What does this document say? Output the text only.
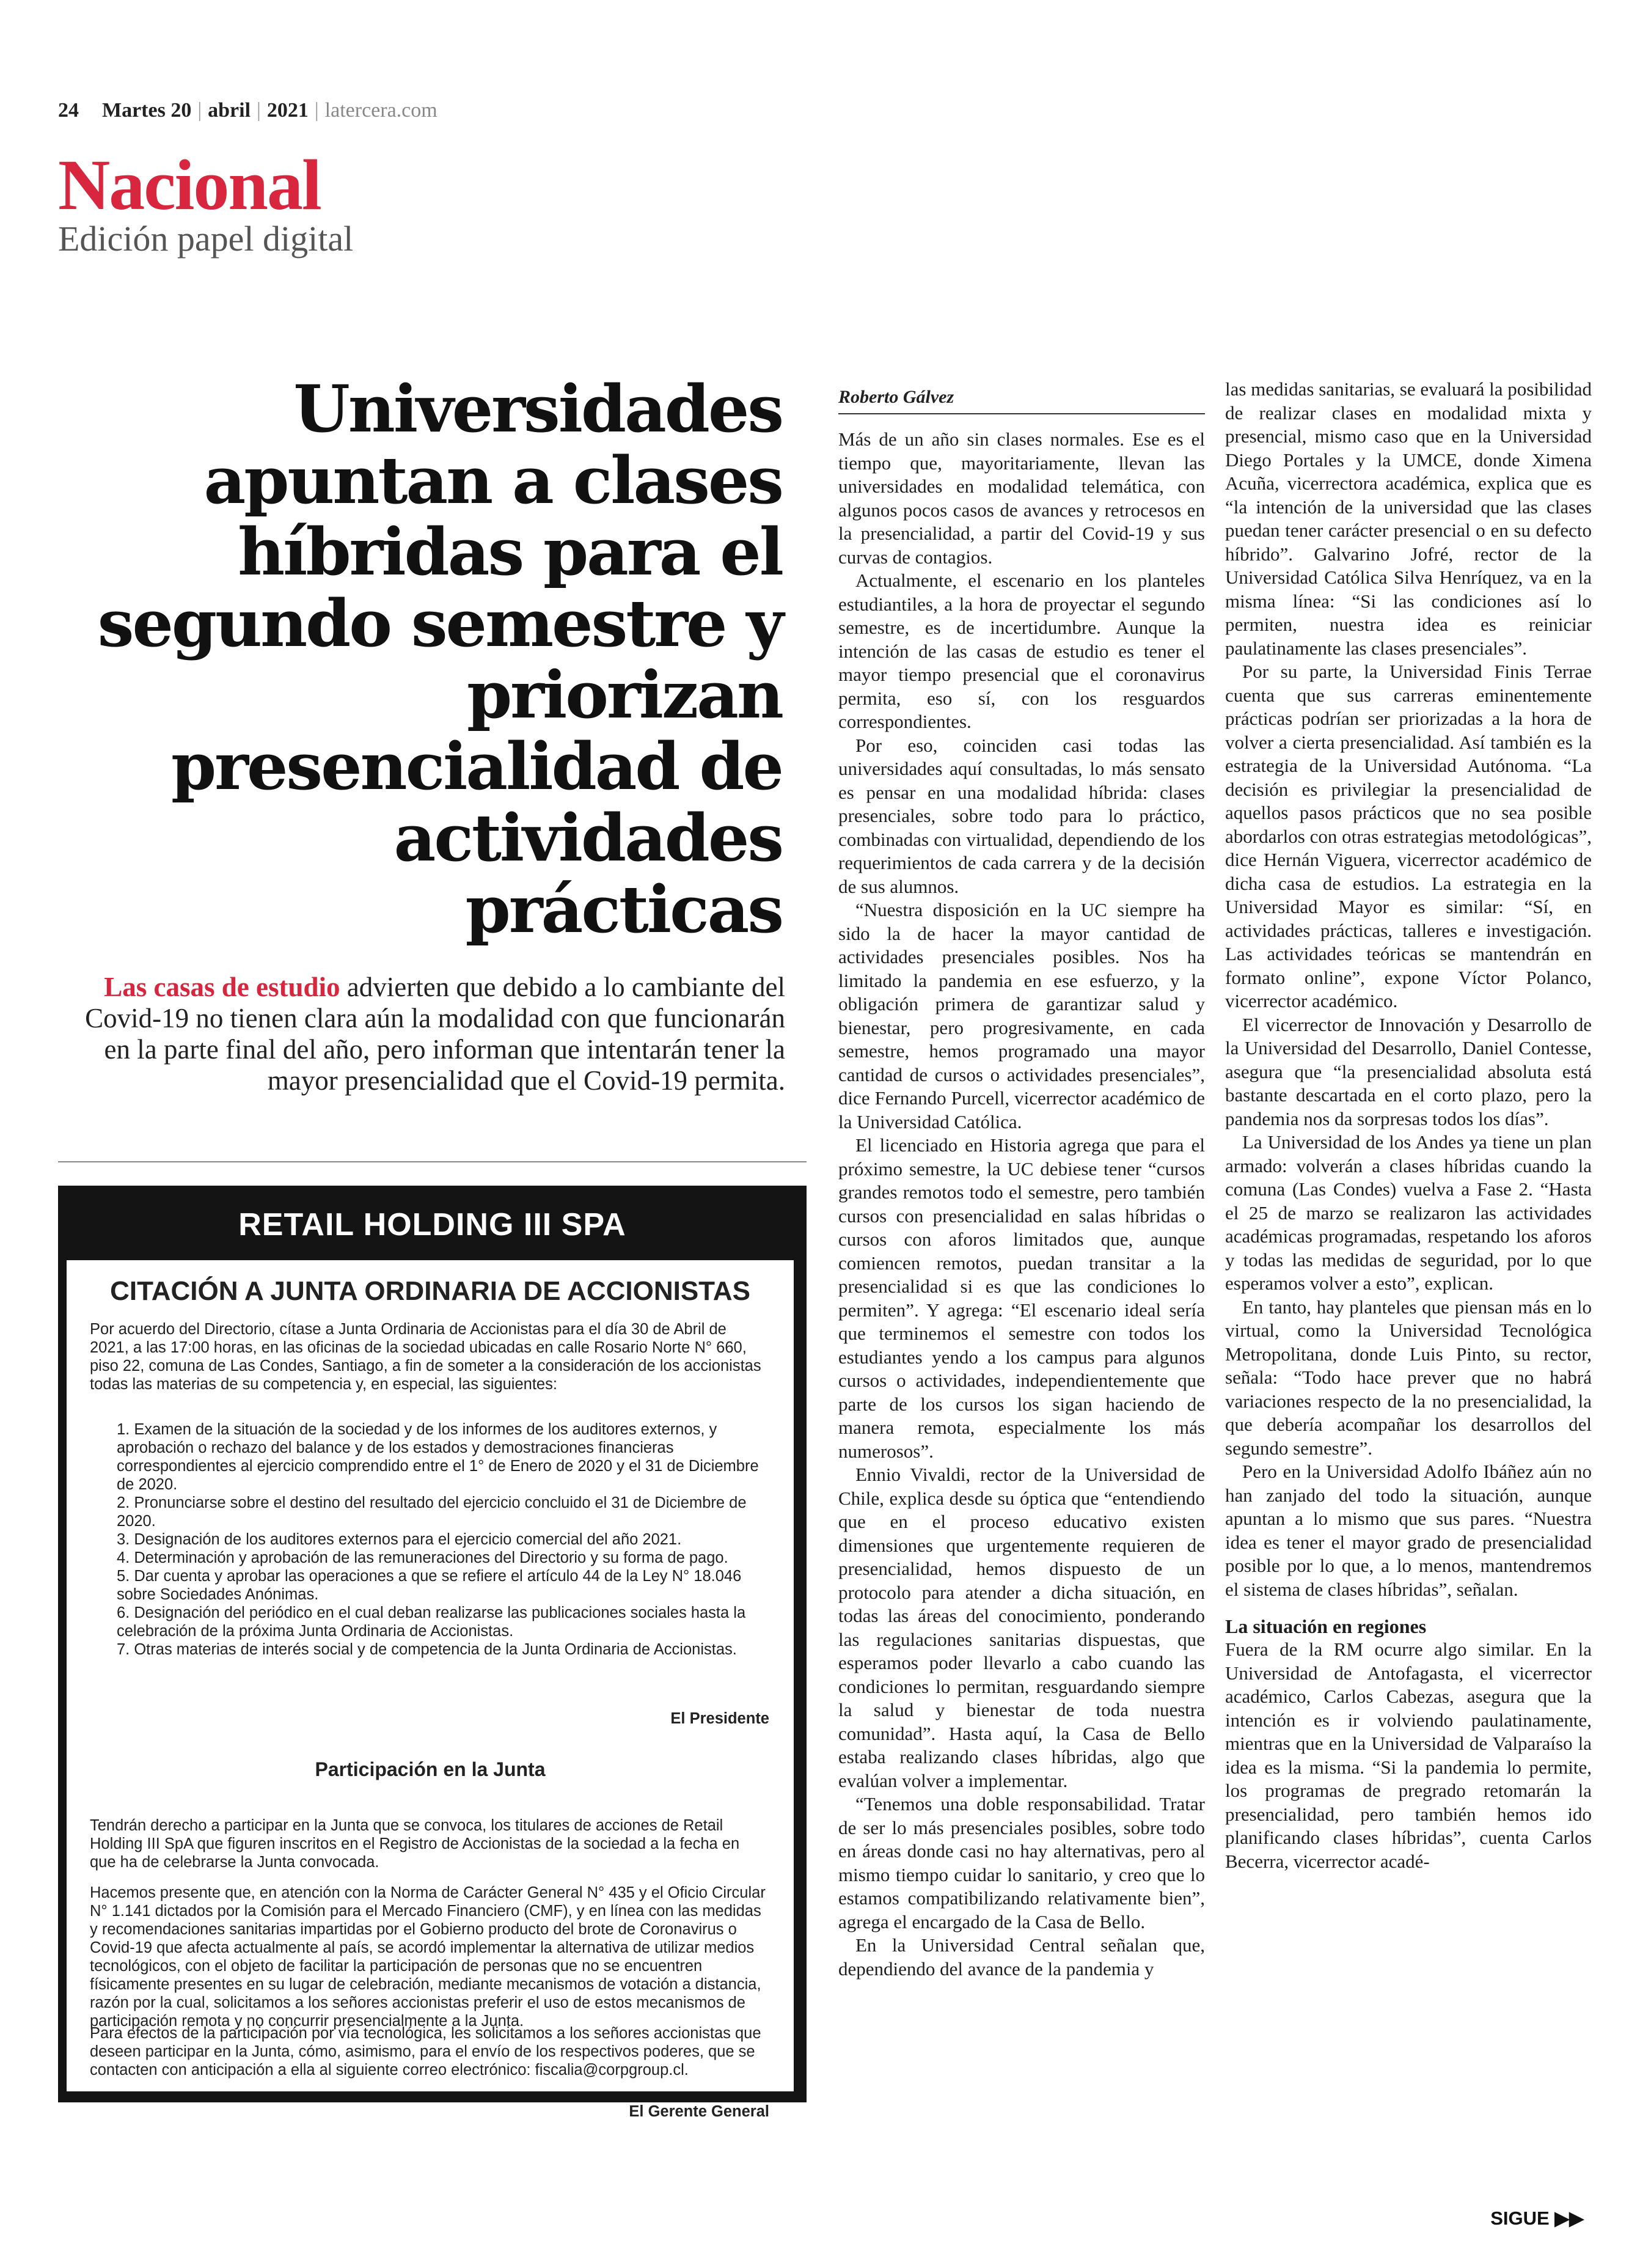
24 Martes 20 | abril | 2021 | latercera.com
Nacional
Edición papel digital
Universidades apuntan a clases híbridas para el segundo semestre y priorizan presencialidad de actividades prácticas

Las casas de estudio advierten que debido a lo cambiante del Covid-19 no tienen clara aún la modalidad con que funcionarán en la parte final del año, pero informan que intentarán tener la mayor presencialidad que el Covid-19 permita.

RETAIL HOLDING III SPA
CITACIÓN A JUNTA ORDINARIA DE ACCIONISTAS

Por acuerdo del Directorio, cítase a Junta Ordinaria de Accionistas para el día 30 de Abril de 2021, a las 17:00 horas, en las oficinas de la sociedad ubicadas en calle Rosario Norte N° 660, piso 22, comuna de Las Condes, Santiago, a fin de someter a la consideración de los accionistas todas las materias de su competencia y, en especial, las siguientes:

1. Examen de la situación de la sociedad y de los informes de los auditores externos, y aprobación o rechazo del balance y de los estados y demostraciones financieras correspondientes al ejercicio comprendido entre el 1° de Enero de 2020 y el 31 de Diciembre de 2020.
2. Pronunciarse sobre el destino del resultado del ejercicio concluido el 31 de Diciembre de 2020.
3. Designación de los auditores externos para el ejercicio comercial del año 2021.
4. Determinación y aprobación de las remuneraciones del Directorio y su forma de pago.
5. Dar cuenta y aprobar las operaciones a que se refiere el artículo 44 de la Ley N° 18.046 sobre Sociedades Anónimas.
6. Designación del periódico en el cual deban realizarse las publicaciones sociales hasta la celebración de la próxima Junta Ordinaria de Accionistas.
7. Otras materias de interés social y de competencia de la Junta Ordinaria de Accionistas.
El Presidente
Participación en la Junta

Tendrán derecho a participar en la Junta que se convoca, los titulares de acciones de Retail Holding III SpA que figuren inscritos en el Registro de Accionistas de la sociedad a la fecha en que ha de celebrarse la Junta convocada.

Hacemos presente que, en atención con la Norma de Carácter General N° 435 y el Oficio Circular N° 1.141 dictados por la Comisión para el Mercado Financiero (CMF), y en línea con las medidas y recomendaciones sanitarias impartidas por el Gobierno producto del brote de Coronavirus o Covid-19 que afecta actualmente al país, se acordó implementar la alternativa de utilizar medios tecnológicos, con el objeto de facilitar la participación de personas que no se encuentren físicamente presentes en su lugar de celebración, mediante mecanismos de votación a distancia, razón por la cual, solicitamos a los señores accionistas preferir el uso de estos mecanismos de participación remota y no concurrir presencialmente a la Junta.

Para efectos de la participación por vía tecnológica, les solicitamos a los señores accionistas que deseen participar en la Junta, cómo, asimismo, para el envío de los respectivos poderes, que se contacten con anticipación a ella al siguiente correo electrónico: fiscalia@corpgroup.cl.

El Gerente General
Roberto Gálvez

Más de un año sin clases normales. Ese es el tiempo que, mayoritariamente, llevan las universidades en modalidad telemática, con algunos pocos casos de avances y retrocesos en la presencialidad, a partir del Covid-19 y sus curvas de contagios.

Actualmente, el escenario en los planteles estudiantiles, a la hora de proyectar el segundo semestre, es de incertidumbre. Aunque la intención de las casas de estudio es tener el mayor tiempo presencial que el coronavirus permita, eso sí, con los resguardos correspondientes.

Por eso, coinciden casi todas las universidades aquí consultadas, lo más sensato es pensar en una modalidad híbrida: clases presenciales, sobre todo para lo práctico, combinadas con virtualidad, dependiendo de los requerimientos de cada carrera y de la decisión de sus alumnos.

“Nuestra disposición en la UC siempre ha sido la de hacer la mayor cantidad de actividades presenciales posibles. Nos ha limitado la pandemia en ese esfuerzo, y la obligación primera de garantizar salud y bienestar, pero progresivamente, en cada semestre, hemos programado una mayor cantidad de cursos o actividades presenciales”, dice Fernando Purcell, vicerrector académico de la Universidad Católica.

El licenciado en Historia agrega que para el próximo semestre, la UC debiese tener “cursos grandes remotos todo el semestre, pero también cursos con presencialidad en salas híbridas o cursos con aforos limitados que, aunque comiencen remotos, puedan transitar a la presencialidad si es que las condiciones lo permiten”. Y agrega: “El escenario ideal sería que terminemos el semestre con todos los estudiantes yendo a los campus para algunos cursos o actividades, independientemente que parte de los cursos los sigan haciendo de manera remota, especialmente los más numerosos”.

Ennio Vivaldi, rector de la Universidad de Chile, explica desde su óptica que “entendiendo que en el proceso educativo existen dimensiones que urgentemente requieren de presencialidad, hemos dispuesto de un protocolo para atender a dicha situación, en todas las áreas del conocimiento, ponderando las regulaciones sanitarias dispuestas, que esperamos poder llevarlo a cabo cuando las condiciones lo permitan, resguardando siempre la salud y bienestar de toda nuestra comunidad”. Hasta aquí, la Casa de Bello estaba realizando clases híbridas, algo que evalúan volver a implementar.

“Tenemos una doble responsabilidad. Tratar de ser lo más presenciales posibles, sobre todo en áreas donde casi no hay alternativas, pero al mismo tiempo cuidar lo sanitario, y creo que lo estamos compatibilizando relativamente bien”, agrega el encargado de la Casa de Bello.

En la Universidad Central señalan que, dependiendo del avance de la pandemia y

las medidas sanitarias, se evaluará la posibilidad de realizar clases en modalidad mixta y presencial, mismo caso que en la Universidad Diego Portales y la UMCE, donde Ximena Acuña, vicerrectora académica, explica que es “la intención de la universidad que las clases puedan tener carácter presencial o en su defecto híbrido”. Galvarino Jofré, rector de la Universidad Católica Silva Henríquez, va en la misma línea: “Si las condiciones así lo permiten, nuestra idea es reiniciar paulatinamente las clases presenciales”.

Por su parte, la Universidad Finis Terrae cuenta que sus carreras eminentemente prácticas podrían ser priorizadas a la hora de volver a cierta presencialidad. Así también es la estrategia de la Universidad Autónoma. “La decisión es privilegiar la presencialidad de aquellos pasos prácticos que no sea posible abordarlos con otras estrategias metodológicas”, dice Hernán Viguera, vicerrector académico de dicha casa de estudios. La estrategia en la Universidad Mayor es similar: “Sí, en actividades prácticas, talleres e investigación. Las actividades teóricas se mantendrán en formato online”, expone Víctor Polanco, vicerrector académico.

El vicerrector de Innovación y Desarrollo de la Universidad del Desarrollo, Daniel Contesse, asegura que “la presencialidad absoluta está bastante descartada en el corto plazo, pero la pandemia nos da sorpresas todos los días”.

La Universidad de los Andes ya tiene un plan armado: volverán a clases híbridas cuando la comuna (Las Condes) vuelva a Fase 2. “Hasta el 25 de marzo se realizaron las actividades académicas programadas, respetando los aforos y todas las medidas de seguridad, por lo que esperamos volver a esto”, explican.

En tanto, hay planteles que piensan más en lo virtual, como la Universidad Tecnológica Metropolitana, donde Luis Pinto, su rector, señala: “Todo hace prever que no habrá variaciones respecto de la no presencialidad, la que debería acompañar los desarrollos del segundo semestre”.

Pero en la Universidad Adolfo Ibáñez aún no han zanjado del todo la situación, aunque apuntan a lo mismo que sus pares. “Nuestra idea es tener el mayor grado de presencialidad posible por lo que, a lo menos, mantendremos el sistema de clases híbridas”, señalan.

La situación en regiones

Fuera de la RM ocurre algo similar. En la Universidad de Antofagasta, el vicerrector académico, Carlos Cabezas, asegura que la intención es ir volviendo paulatinamente, mientras que en la Universidad de Valparaíso la idea es la misma. “Si la pandemia lo permite, los programas de pregrado retomarán la presencialidad, pero también hemos ido planificando clases híbridas”, cuenta Carlos Becerra, vicerrector acadé-

SIGUE ▶▶
